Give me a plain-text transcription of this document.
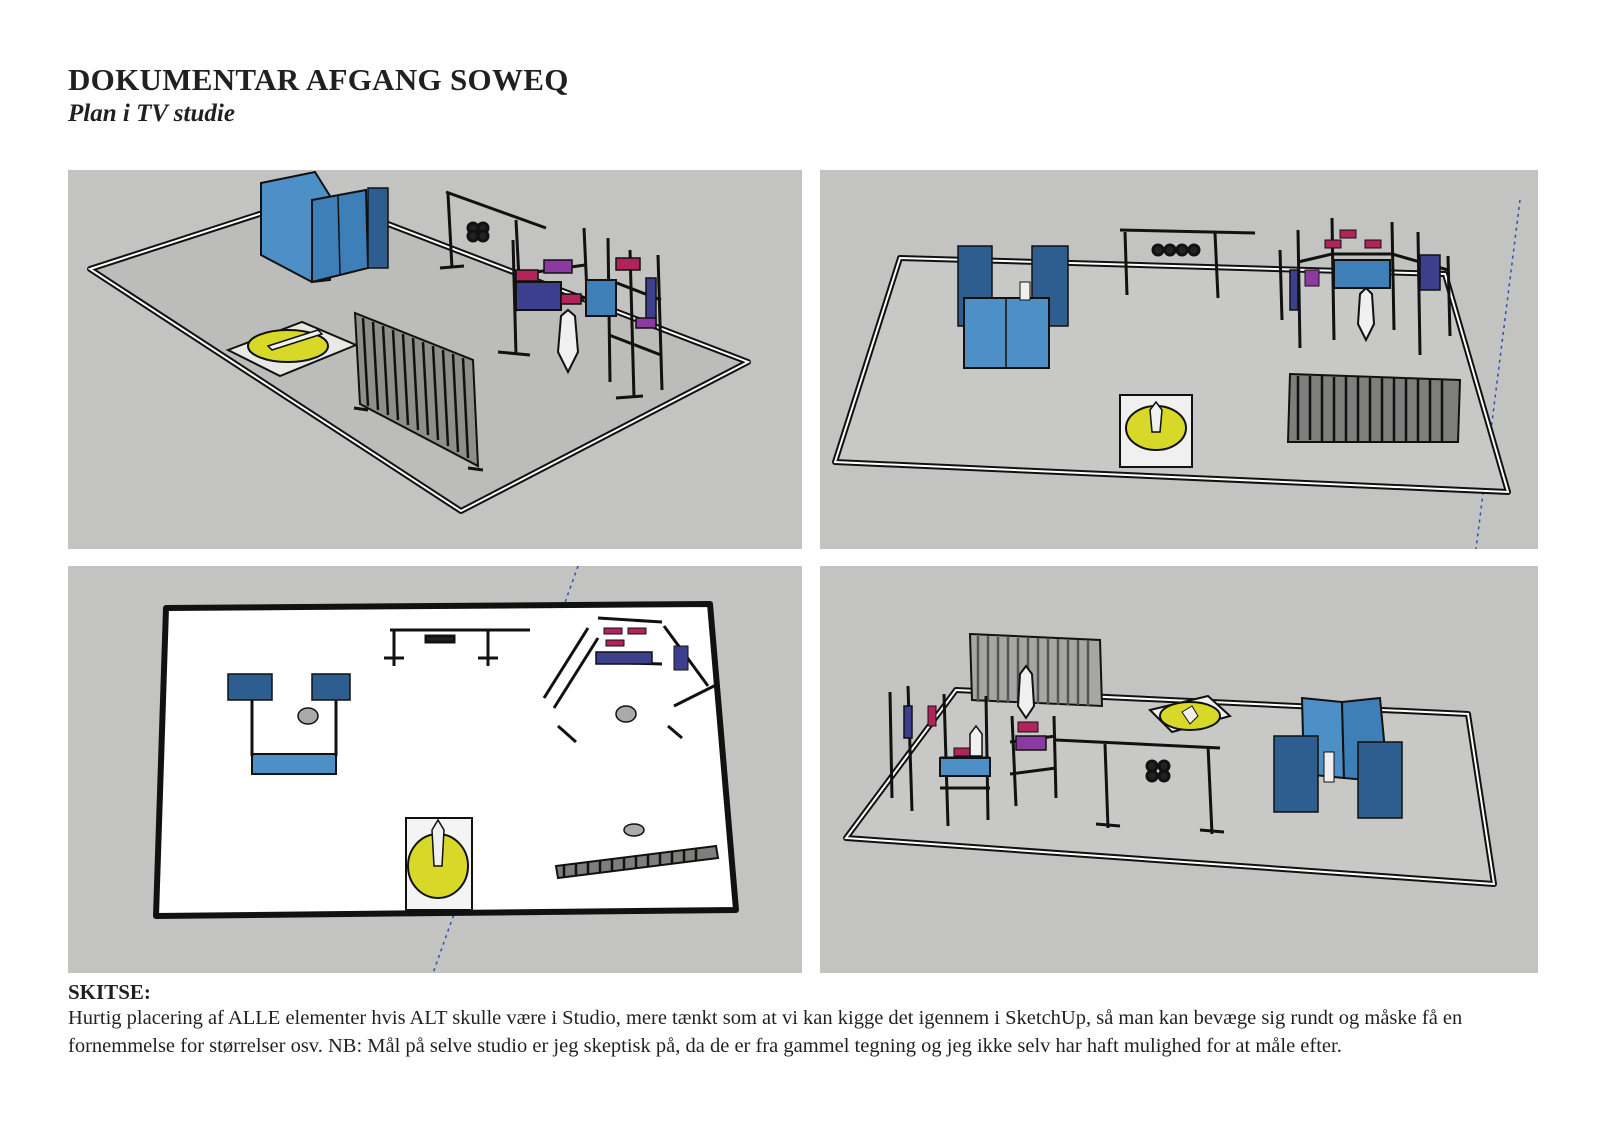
DOKUMENTAR AFGANG SOWEQ
Plan i TV studie
SKITSE:

Hurtig placering af ALLE elementer hvis ALT skulle være i Studio, mere tænkt som at vi kan kigge det igennem i SketchUp, så man kan bevæge sig rundt og måske få en fornemmelse for størrelser osv. NB: Mål på selve studio er jeg skeptisk på, da de er fra gammel tegning og jeg ikke selv har haft mulighed for at måle efter.
